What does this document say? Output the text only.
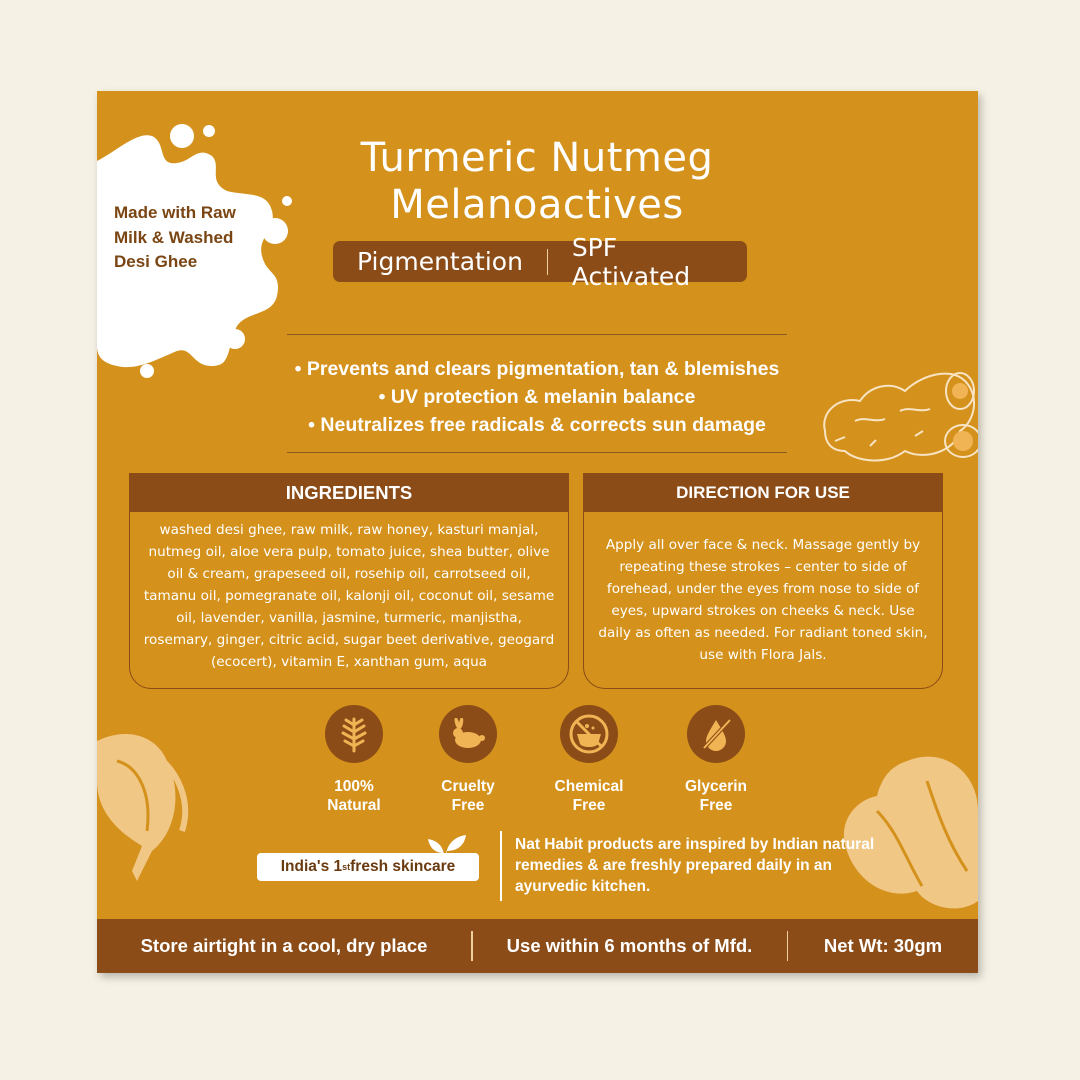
Made with Raw Milk & Washed Desi Ghee
Turmeric Nutmeg
Melanoactives
Pigmentation	SPF Activated
• Prevents and clears pigmentation, tan & blemishes
• UV protection & melanin balance
• Neutralizes free radicals & corrects sun damage
INGREDIENTS
washed desi ghee, raw milk, raw honey, kasturi manjal, nutmeg oil, aloe vera pulp, tomato juice, shea butter, olive oil & cream, grapeseed oil, rosehip oil, carrotseed oil, tamanu oil, pomegranate oil, kalonji oil, coconut oil, sesame oil, lavender, vanilla, jasmine, turmeric, manjistha, rosemary, ginger, citric acid, sugar beet derivative, geogard (ecocert), vitamin E, xanthan gum, aqua
DIRECTION FOR USE
Apply all over face & neck. Massage gently by repeating these strokes – center to side of forehead, under the eyes from nose to side of eyes, upward strokes on cheeks & neck. Use daily as often as needed. For radiant toned skin, use with Flora Jals.
100%
Natural
Cruelty
Free
Chemical
Free
Glycerin
Free
India's 1 st fresh skincare
Nat Habit products are inspired by Indian natural remedies & are freshly prepared daily in an ayurvedic kitchen.
Store airtight in a cool, dry place	Use within 6 months of Mfd.	Net Wt: 30gm
